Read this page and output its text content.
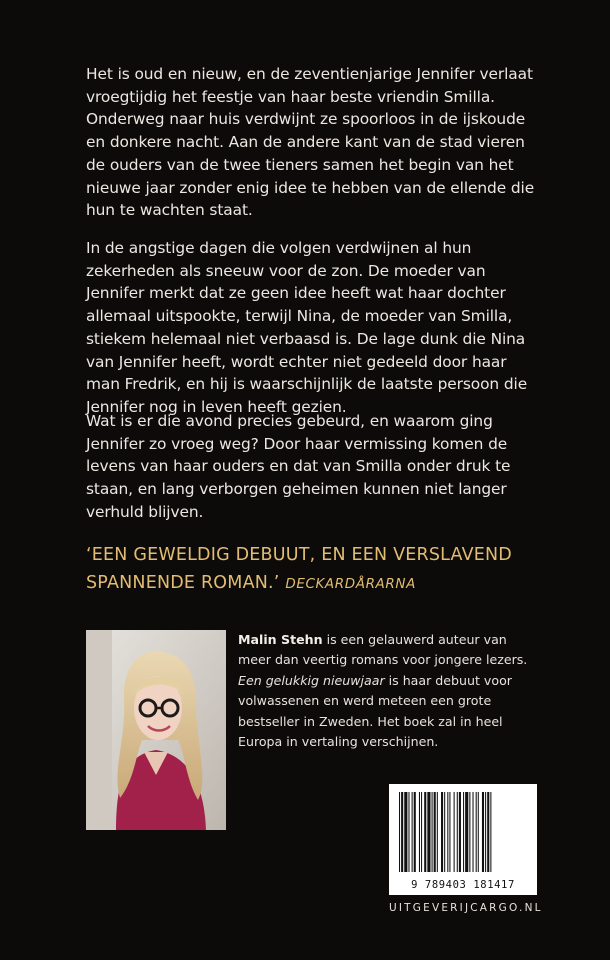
Het is oud en nieuw, en de zeventienjarige Jennifer verlaat vroegtijdig het feestje van haar beste vriendin Smilla. Onderweg naar huis verdwijnt ze spoorloos in de ijskoude en donkere nacht. Aan de andere kant van de stad vieren de ouders van de twee tieners samen het begin van het nieuwe jaar zonder enig idee te hebben van de ellende die hun te wachten staat.

In de angstige dagen die volgen verdwijnen al hun zekerheden als sneeuw voor de zon. De moeder van Jennifer merkt dat ze geen idee heeft wat haar dochter allemaal uitspookte, terwijl Nina, de moeder van Smilla, stiekem helemaal niet verbaasd is. De lage dunk die Nina van Jennifer heeft, wordt echter niet gedeeld door haar man Fredrik, en hij is waarschijnlijk de laatste persoon die Jennifer nog in leven heeft gezien.

Wat is er die avond precies gebeurd, en waarom ging Jennifer zo vroeg weg? Door haar vermissing komen de levens van haar ouders en dat van Smilla onder druk te staan, en lang verborgen geheimen kunnen niet langer verhuld blijven.

‘EEN GEWELDIG DEBUUT, EN EEN VERSLAVEND SPANNENDE ROMAN.’ DECKARDÅRARNA

Malin Stehn is een gelauwerd auteur van meer dan veertig romans voor jongere lezers. Een gelukkig nieuwjaar is haar debuut voor volwassenen en werd meteen een grote bestseller in Zweden. Het boek zal in heel Europa in vertaling verschijnen.

9 789403 181417
UITGEVERIJCARGO.NL
